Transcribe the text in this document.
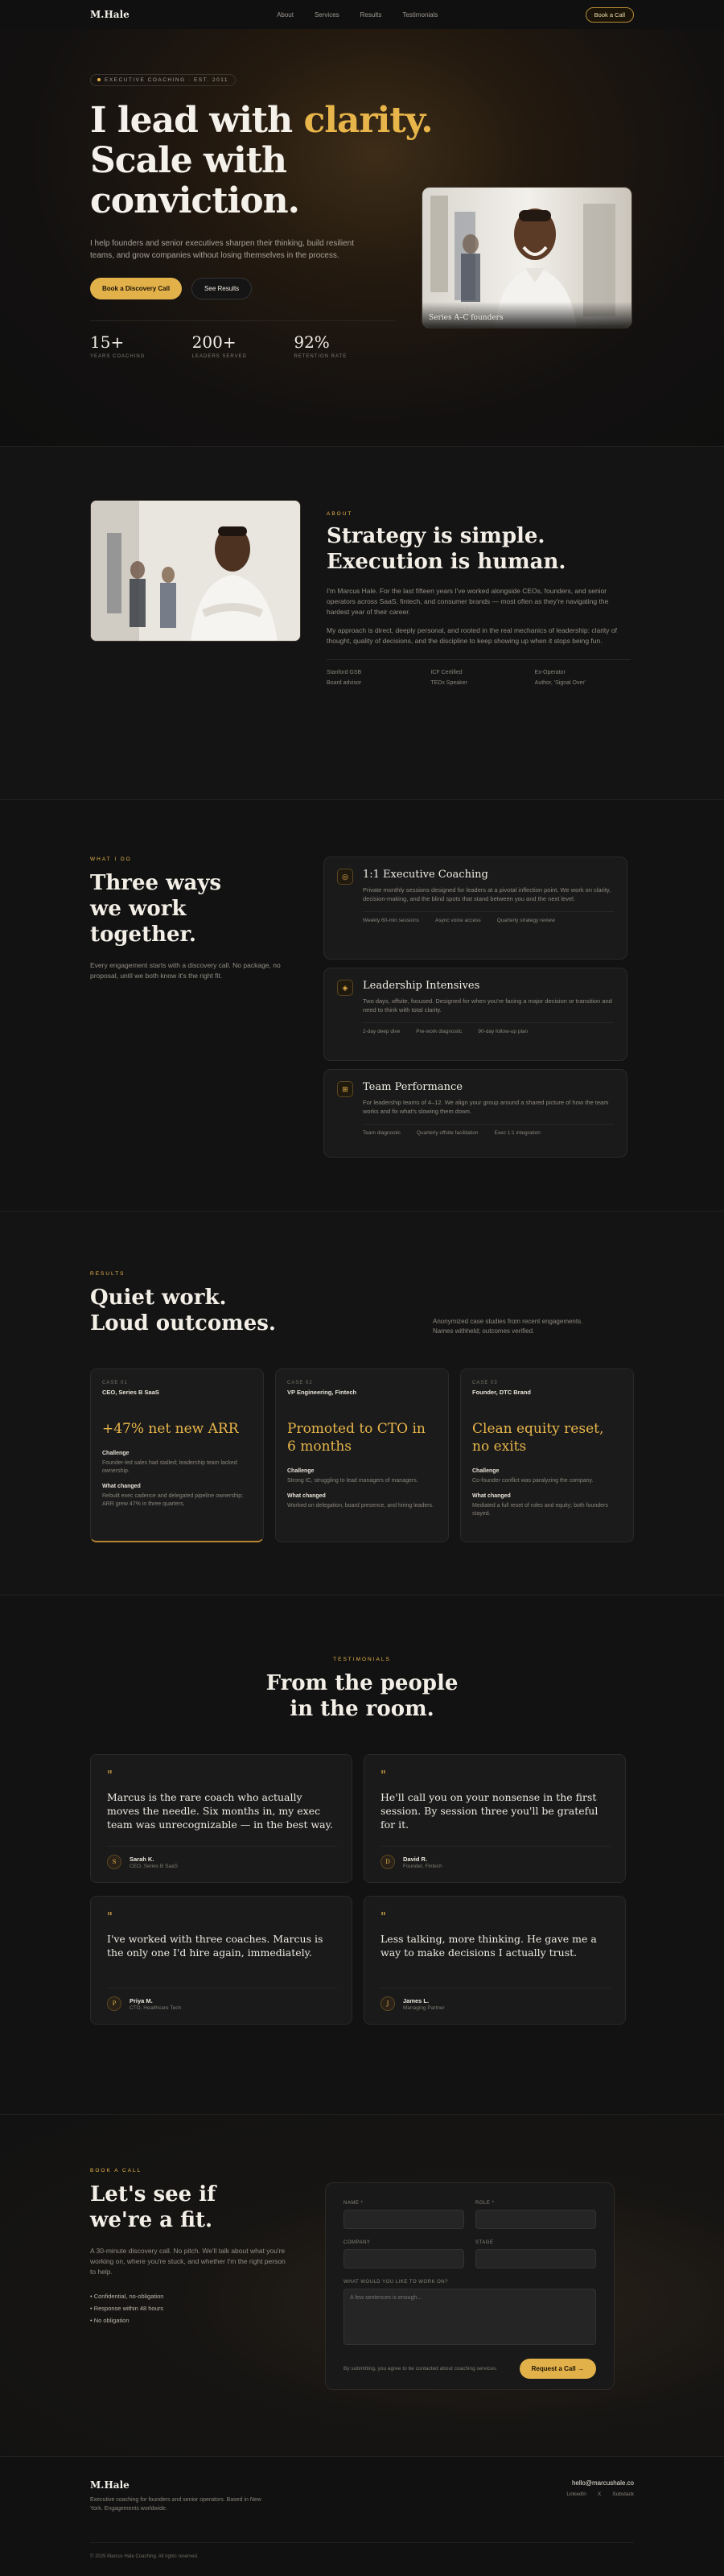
M.Hale	About	Services	Results	Testimonials	Book a Call
EXECUTIVE COACHING · EST. 2011
I lead with clarity.
Scale with
conviction.

I help founders and senior executives sharpen their thinking, build resilient teams, and grow companies without losing themselves in the process.

Book a Discovery Call	See Results
15+
YEARS COACHING
200+
LEADERS SERVED
92%
RETENTION RATE
MARCUS HALE
Series A–C founders
ABOUT
Strategy is simple.
Execution is human.

I'm Marcus Hale. For the last fifteen years I've worked alongside CEOs, founders, and senior operators across SaaS, fintech, and consumer brands — most often as they're navigating the hardest year of their career.

My approach is direct, deeply personal, and rooted in the real mechanics of leadership: clarity of thought, quality of decisions, and the discipline to keep showing up when it stops being fun.

Stanford GSB	ICF Certified	Ex-Operator
Board advisor	TEDx Speaker	Author, 'Signal Over'
WHAT I DO
Three ways
we work together.

Every engagement starts with a discovery call. No package, no proposal, until we both know it's the right fit.

◎	1:1 Executive Coaching
Private monthly sessions designed for leaders at a pivotal inflection point. We work on clarity, decision-making, and the blind spots that stand between you and the next level.
Weekly 60-min sessions	Async voice access	Quarterly strategy review
◈	Leadership Intensives
Two days, offsite, focused. Designed for when you're facing a major decision or transition and need to think with total clarity.
2-day deep dive	Pre-work diagnostic	90-day follow-up plan
⊞	Team Performance
For leadership teams of 4–12. We align your group around a shared picture of how the team works and fix what's slowing them down.
Team diagnostic	Quarterly offsite facilitation	Exec 1:1 integration
RESULTS
Quiet work.
Loud outcomes.	Anonymized case studies from recent engagements. Names withheld; outcomes verified.

CASE 01
CEO, Series B SaaS
+47% net new ARR
Challenge
Founder-led sales had stalled; leadership team lacked ownership.
What changed
Rebuilt exec cadence and delegated pipeline ownership; ARR grew 47% in three quarters.
CASE 02
VP Engineering, Fintech
Promoted to CTO in 6 months
Challenge
Strong IC, struggling to lead managers of managers.
What changed
Worked on delegation, board presence, and hiring leaders.
CASE 03
Founder, DTC Brand
Clean equity reset, no exits
Challenge
Co-founder conflict was paralyzing the company.
What changed
Mediated a full reset of roles and equity; both founders stayed.
TESTIMONIALS
From the people
in the room.
"
Marcus is the rare coach who actually moves the needle. Six months in, my exec team was unrecognizable — in the best way.
S	Sarah K.
CEO, Series B SaaS
"
He'll call you on your nonsense in the first session. By session three you'll be grateful for it.
D	David R.
Founder, Fintech
"
I've worked with three coaches. Marcus is the only one I'd hire again, immediately.
P	Priya M.
CTO, Healthcare Tech
"
Less talking, more thinking. He gave me a way to make decisions I actually trust.
J	James L.
Managing Partner
BOOK A CALL
Let's see if
we're a fit.

A 30-minute discovery call. No pitch. We'll talk about what you're working on, where you're stuck, and whether I'm the right person to help.

• Confidential, no-obligation
• Response within 48 hours
• No obligation
NAME *	ROLE *
COMPANY	STAGE
WHAT WOULD YOU LIKE TO WORK ON?
A few sentences is enough...
By submitting, you agree to be contacted about coaching services.	Request a Call →
M.Hale

Executive coaching for founders and senior operators. Based in New York. Engagements worldwide.

hello@marcushale.co
LinkedIn X Substack
© 2025 Marcus Hale Coaching. All rights reserved.
